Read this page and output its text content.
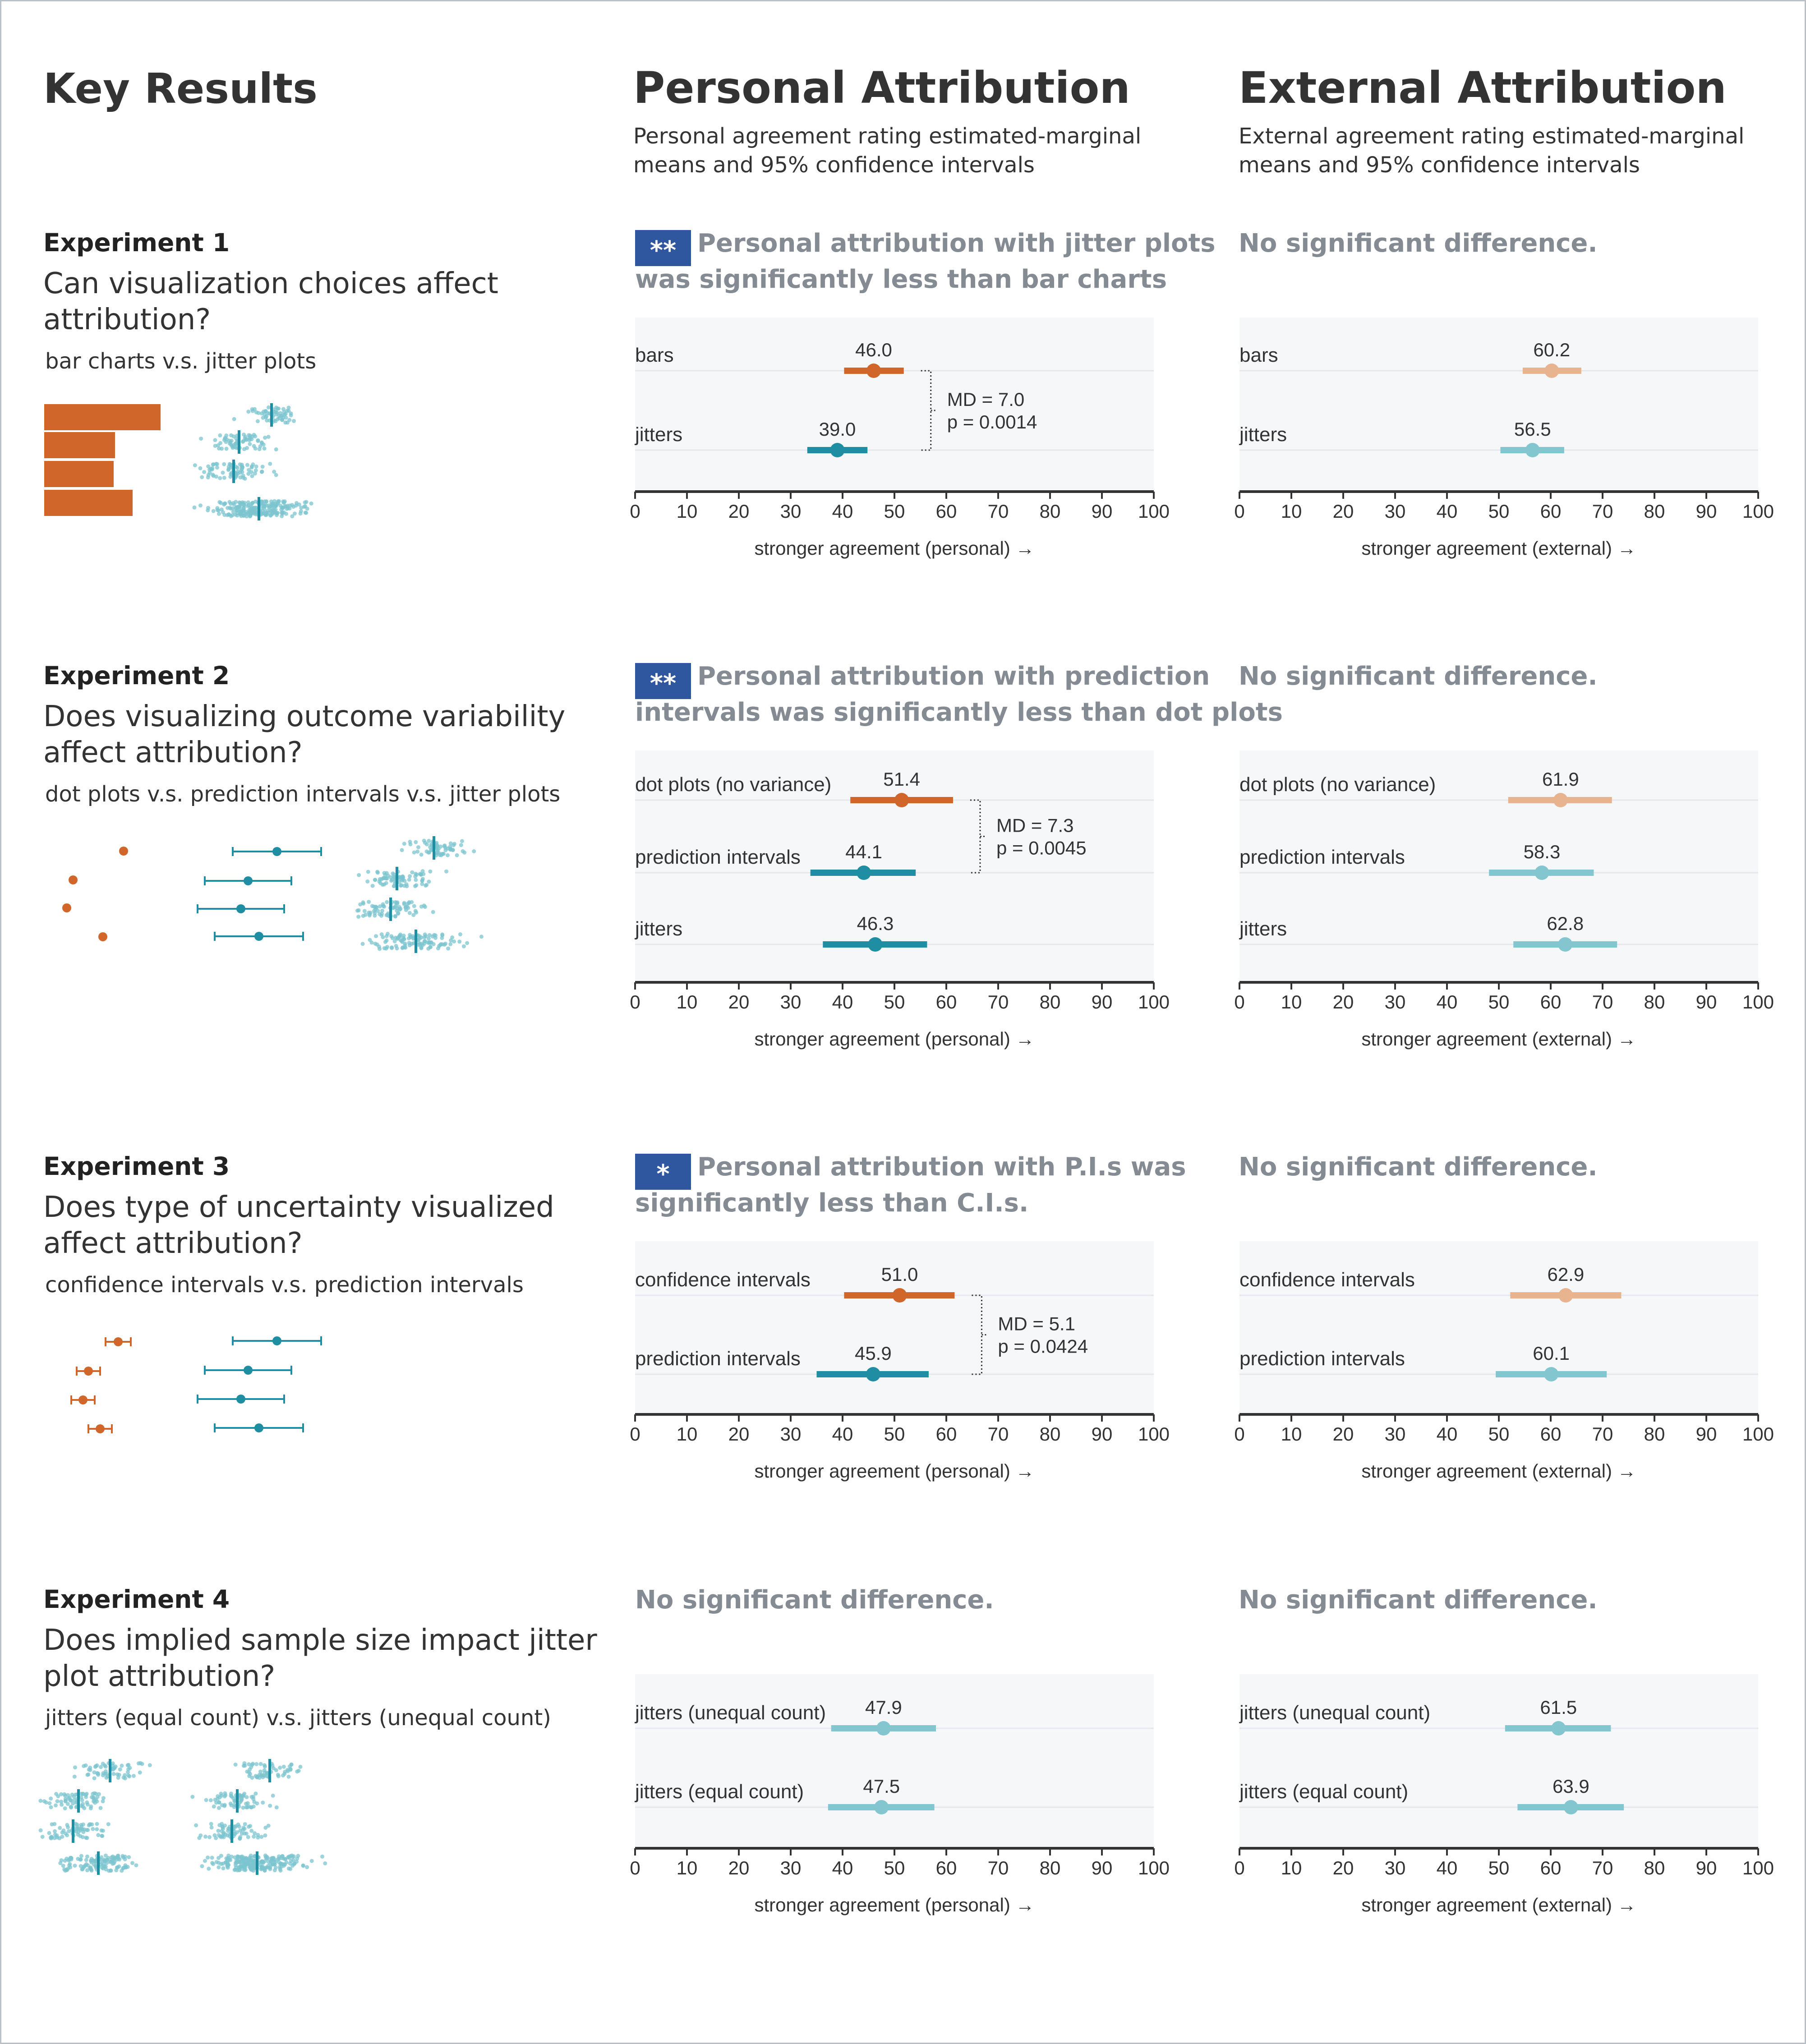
Key Results	Personal Attribution
Personal agreement rating estimated-marginal
means and 95% confidence intervals
External Attribution
External agreement rating estimated-marginal
means and 95% confidence intervals
Experiment 1
Can visualization choices affect
attribution?
bar charts v.s. jitter plots
Experiment 2
Does visualizing outcome variability
affect attribution?
dot plots v.s. prediction intervals v.s. jitter plots
Experiment 3
Does type of uncertainty visualized
affect attribution?
confidence intervals v.s. prediction intervals
Experiment 4
Does implied sample size impact jitter
plot attribution?
jitters (equal count) v.s. jitters (unequal count)
** Personal attribution with jitter plots
was significantly less than bar charts
No significant difference.
** Personal attribution with prediction
intervals was significantly less than dot plots
No significant difference.
* Personal attribution with P.I.s was
significantly less than C.I.s.
No significant difference.
No significant difference.	No significant difference.
bars	46.0
jitters	39.0
MD = 7.0
p = 0.0014
0 10 20 30 40 50 60 70 80 90 100
stronger agreement (personal) →
bars	60.2
jitters	56.5
0 10 20 30 40 50 60 70 80 90 100
stronger agreement (external) →
dot plots (no variance)	51.4
prediction intervals 44.1
jitters	46.3
MD = 7.3
p = 0.0045
0 10 20 30 40 50 60 70 80 90 100
stronger agreement (personal) →
dot plots (no variance)	61.9
prediction intervals	58.3
jitters	62.8
0 10 20 30 40 50 60 70 80 90 100
stronger agreement (external) →
confidence intervals	51.0
prediction intervals	45.9
MD = 5.1
p = 0.0424
0 10 20 30 40 50 60 70 80 90 100
stronger agreement (personal) →
confidence intervals	62.9
prediction intervals	60.1
0 10 20 30 40 50 60 70 80 90 100
stronger agreement (external) →
jitters (unequal count) 47.9
jitters (equal count)	47.5
0 10 20 30 40 50 60 70 80 90 100
stronger agreement (personal) →
jitters (unequal count)	61.5
jitters (equal count)	63.9
0 10 20 30 40 50 60 70 80 90 100
stronger agreement (external) →
